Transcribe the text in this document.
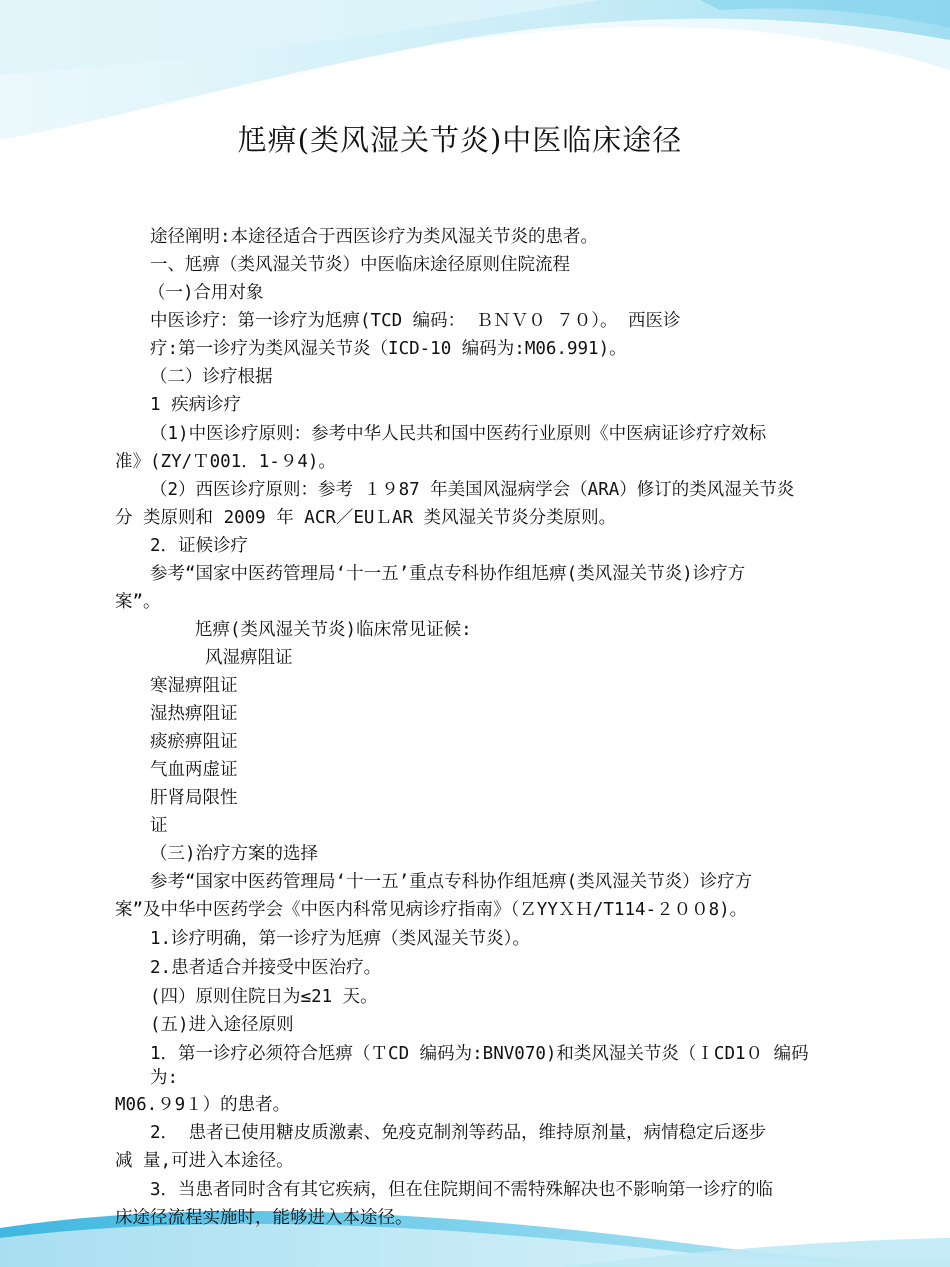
尪痹(类风湿关节炎)中医临床途径
途径阐明:本途径适合于西医诊疗为类风湿关节炎的患者。
一、尪痹（类风湿关节炎）中医临床途径原则住院流程
（一)合用对象
中医诊疗：第一诊疗为尪痹(TCD 编码： ＢＮＶ０ ７０）。 西医诊
疗:第一诊疗为类风湿关节炎（ICD-10 编码为:M06.991)。
（二）诊疗根据
1 疾病诊疗
（1)中医诊疗原则：参考中华人民共和国中医药行业原则《中医病证诊疗疗效标
准》(ZY/Ｔ001．1-９4)。
（2）西医诊疗原则：参考 １９87 年美国风湿病学会（ARA）修订的类风湿关节炎
分 类原则和 2009 年 ACR／EUＬAR 类风湿关节炎分类原则。
2．证候诊疗
参考“国家中医药管理局‘十一五’重点专科协作组尪痹(类风湿关节炎)诊疗方
案”。
尪痹(类风湿关节炎)临床常见证候:
风湿痹阻证
寒湿痹阻证
湿热痹阻证
痰瘀痹阻证
气血两虚证
肝肾局限性
证
（三)治疗方案的选择
参考“国家中医药管理局‘十一五’重点专科协作组尪痹(类风湿关节炎）诊疗方
案”及中华中医药学会《中医内科常见病诊疗指南》（ＺYYＸＨ/T114-２００8)。
1.诊疗明确，第一诊疗为尪痹（类风湿关节炎）。
2.患者适合并接受中医治疗。
(四）原则住院日为≤21 天。
(五)进入途径原则
1．第一诊疗必须符合尪痹（ＴCD 编码为:BNV070)和类风湿关节炎（ＩCD1０ 编码
为:
M06.９9１）的患者。
2． 患者已使用糖皮质激素、免疫克制剂等药品，维持原剂量，病情稳定后逐步
减 量,可进入本途径。
3．当患者同时含有其它疾病，但在住院期间不需特殊解决也不影响第一诊疗的临
床途径流程实施时，能够进入本途径。
